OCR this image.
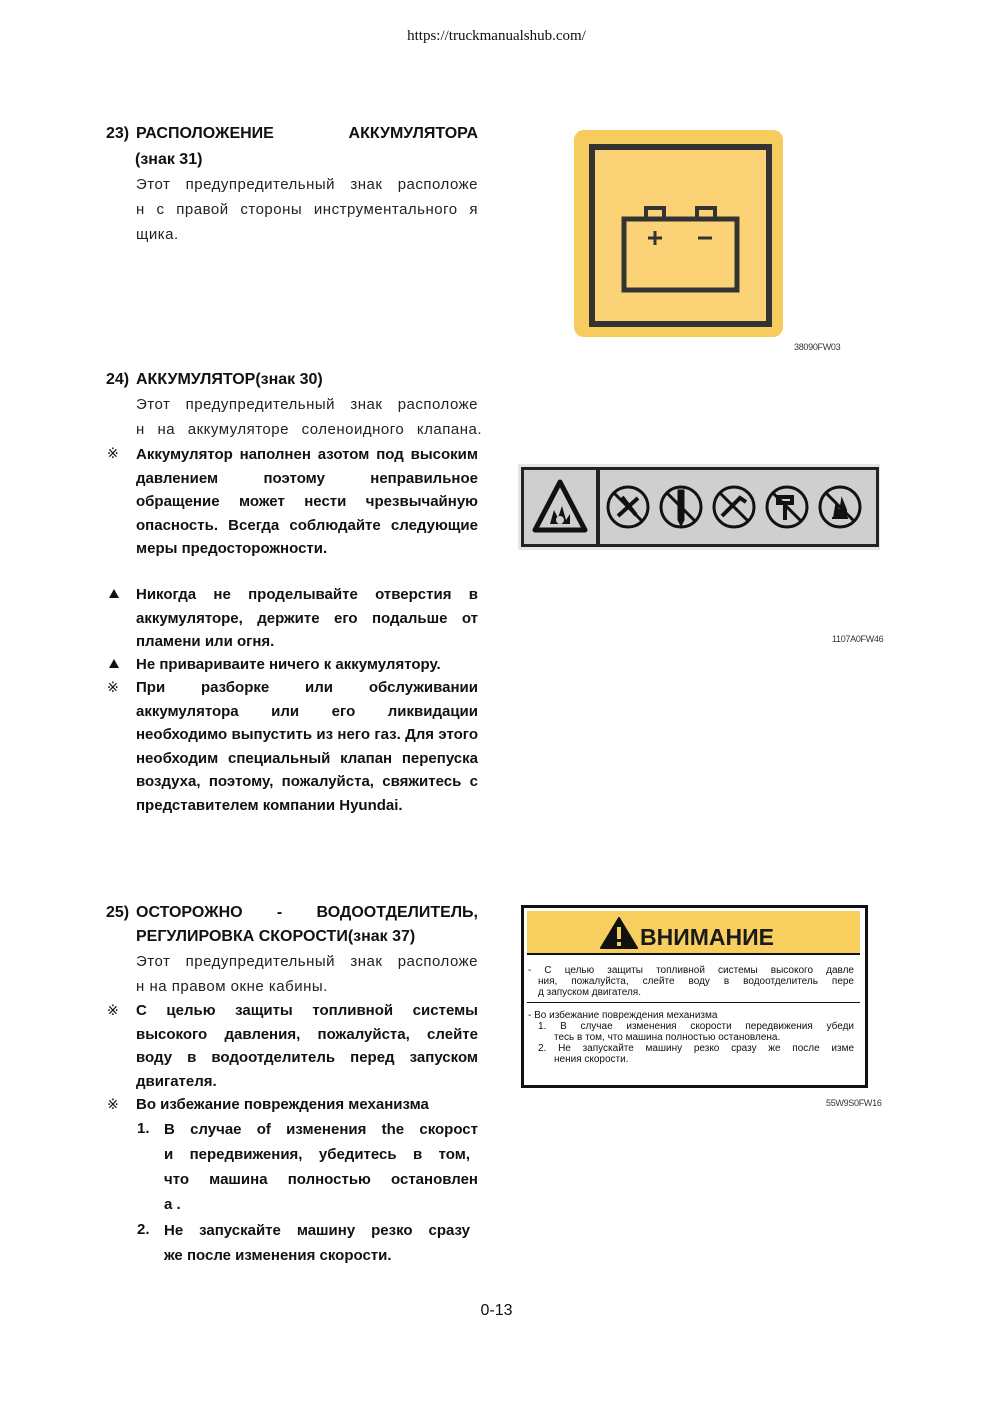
https://truckmanualshub.com/
23) РАСПОЛОЖЕНИЕ	АККУМУЛЯТОРА
(знак 31)
Этот предупредительный знак расположе
н с правой стороны инструментального я
щика.
38090FW03
24) АККУМУЛЯТОР(знак 30)
Этот предупредительный знак расположе
н на аккумуляторе соленоидного клапана.
※ Аккумулятор наполнен азотом под высоким давлением поэтому неправильное обращение может нести чрезвычайную опасность. Всегда соблюдайте следующие меры предосторожности.
Никогда не проделывайте отверстия в аккумуляторе, держите его подальше от пламени или огня.
Не привариваите ничего к аккумулятору.
※ При разборке или обслуживании аккумулятора или его ликвидации необходимо выпустить из него газ. Для этого необходим специальный клапан перепуска воздуха, поэтому, пожалуйста, свяжитесь с представителем компании Hyundai.
1107A0FW46
25) ОСТОРОЖНО - ВОДООТДЕЛИТЕЛЬ,
РЕГУЛИРОВКА СКОРОСТИ(знак 37)
Этот предупредительный знак расположе
н на правом окне кабины.
※ С целью защиты топливной системы высокого давления, пожалуйста, слейте воду в водоотделитель перед запуском двигателя.
※ Во избежание повреждения механизма
1. В случае of изменения the скорост
и передвижения, убедитесь в том,
что машина полностью остановлен
а .
2. Не запускайте машину резко сразу
же после изменения скорости.
ВНИМАНИЕ
- С целью защиты топливной системы высокого давле
ния, пожалуйста, слейте воду в водоотделитель пере
д запуском двигателя.
- Во избежание повреждения механизма
1. В случае изменения скорости передвижения убеди
тесь в том, что машина полностью остановлена.
2. Не запускайте машину резко сразу же после изме
нения скорости.
55W9S0FW16
0-13
